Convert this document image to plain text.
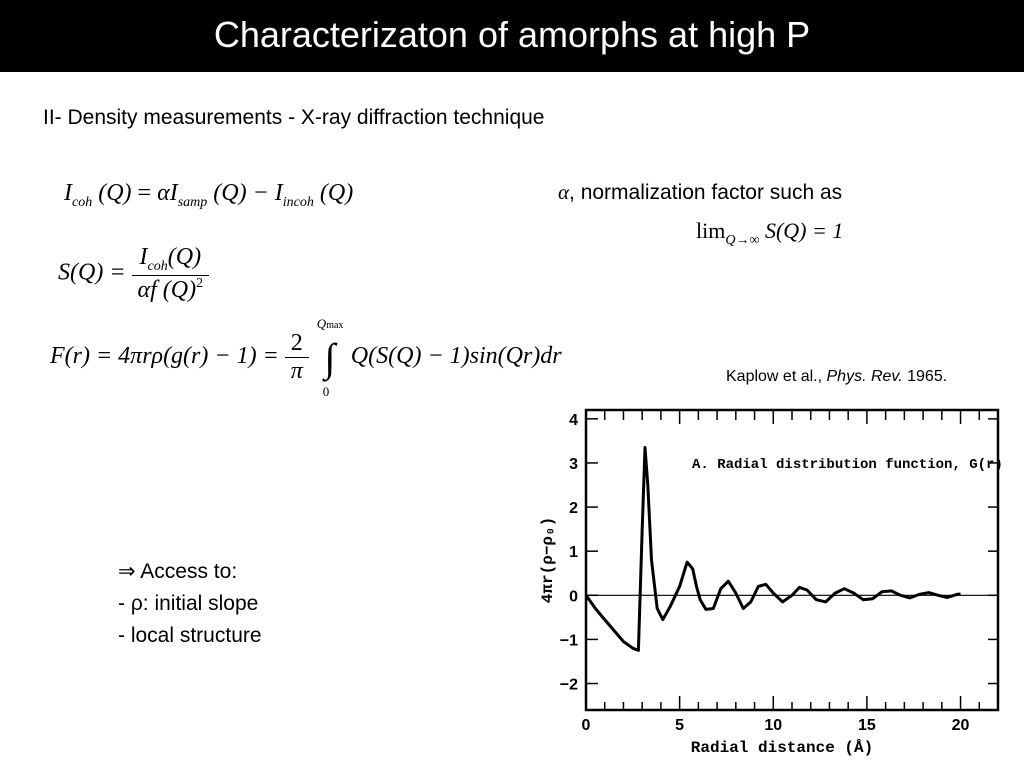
Characterizaton of amorphs at high P
II- Density measurements - X-ray diffraction technique
$I_{coh}$ $(Q) = \alpha I_{samp}$ $(Q) - I_{incoh}$ (Q)
$S(Q) = \frac{I_{coh}(Q)}{\alpha f (Q)^2}$
$F(r) = 4\pi r\rho(g(r) - 1) = \frac{2}{\pi}$

Qmax
∫
0
Q(S(Q) − 1)sin(Qr)dr
α, normalization factor such as
$\lim_{Q\to\infty} S(Q) = 1$
Kaplow et al., Phys. Rev. 1965.
⇒ Access to:
- ρ: initial slope
- local structure
4
3
2
1
0
−1
−2
0	5	10	15	20
A. Radial distribution function, G(r)
Radial distance (Å)
4πr(ρ−ρ₀)
